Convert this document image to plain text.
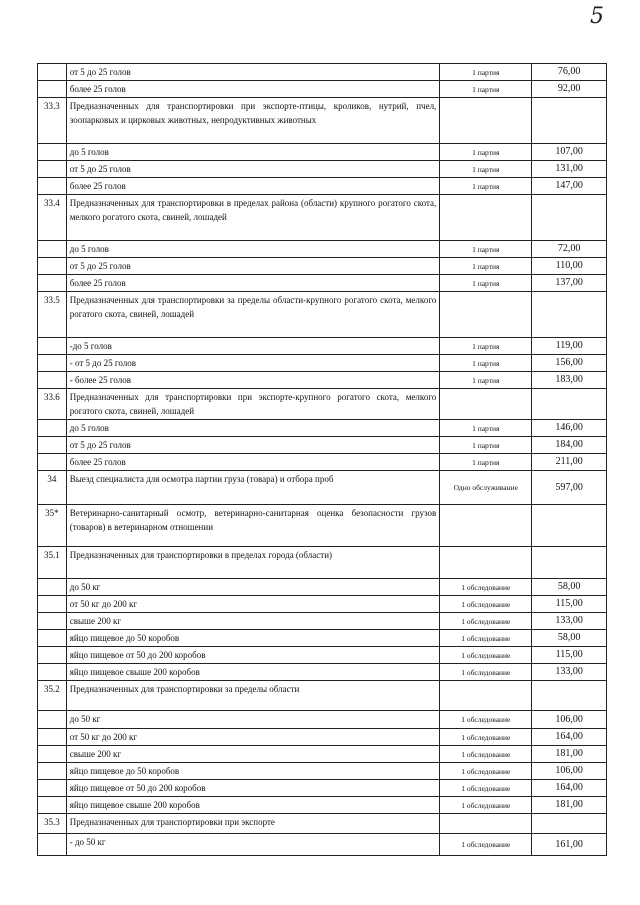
5
	от 5 до 25 голов	1 партия	76,00
	более 25 голов	1 партия	92,00
33.3	Предназначенных для транспортировки при экспорте-птицы, кроликов, нутрий, пчел, зоопарковых и цирковых животных, непродуктивных животных		
	до 5 голов	1 партия	107,00
	от 5 до 25 голов	1 партия	131,00
	более 25 голов	1 партия	147,00
33.4	Предназначенных для транспортировки в пределах района (области) крупного рогатого скота, мелкого рогатого скота, свиней, лошадей		
	до 5 голов	1 партия	72,00
	от 5 до 25 голов	1 партия	110,00
	более 25 голов	1 партия	137,00
33.5	Предназначенных для транспортировки за пределы области-крупного рогатого скота, мелкого рогатого скота, свиней, лошадей		
	-до 5 голов	1 партия	119,00
	- от 5 до 25 голов	1 партия	156,00
	- более 25 голов	1 партия	183,00
33.6	Предназначенных для транспортировки при экспорте-крупного рогатого скота, мелкого рогатого скота, свиней, лошадей		
	до 5 голов	1 партия	146,00
	от 5 до 25 голов	1 партия	184,00
	более 25 голов	1 партия	211,00
34	Выезд специалиста для осмотра партии груза (товара) и отбора проб	Одно обслуживание	597,00
35*	Ветеринарно-санитарный осмотр, ветеринарно-санитарная оценка безопасности грузов (товаров) в ветеринарном отношении		
35.1	Предназначенных для транспортировки в пределах города (области)		
	до 50 кг	1 обследование	58,00
	от 50 кг до 200 кг	1 обследование	115,00
	свыше 200 кг	1 обследование	133,00
	яйцо пищевое до 50 коробов	1 обследование	58,00
	яйцо пищевое от 50 до 200 коробов	1 обследование	115,00
	яйцо пищевое свыше 200 коробов	1 обследование	133,00
35.2	Предназначенных для транспортировки за пределы области		
	до 50 кг	1 обследование	106,00
	от 50 кг до 200 кг	1 обследование	164,00
	свыше 200 кг	1 обследование	181,00
	яйцо пищевое до 50 коробов	1 обследование	106,00
	яйцо пищевое от 50 до 200 коробов	1 обследование	164,00
	яйцо пищевое свыше 200 коробов	1 обследование	181,00
35.3	Предназначенных для транспортировки при экспорте		
	- до 50 кг	1 обследование	161,00
